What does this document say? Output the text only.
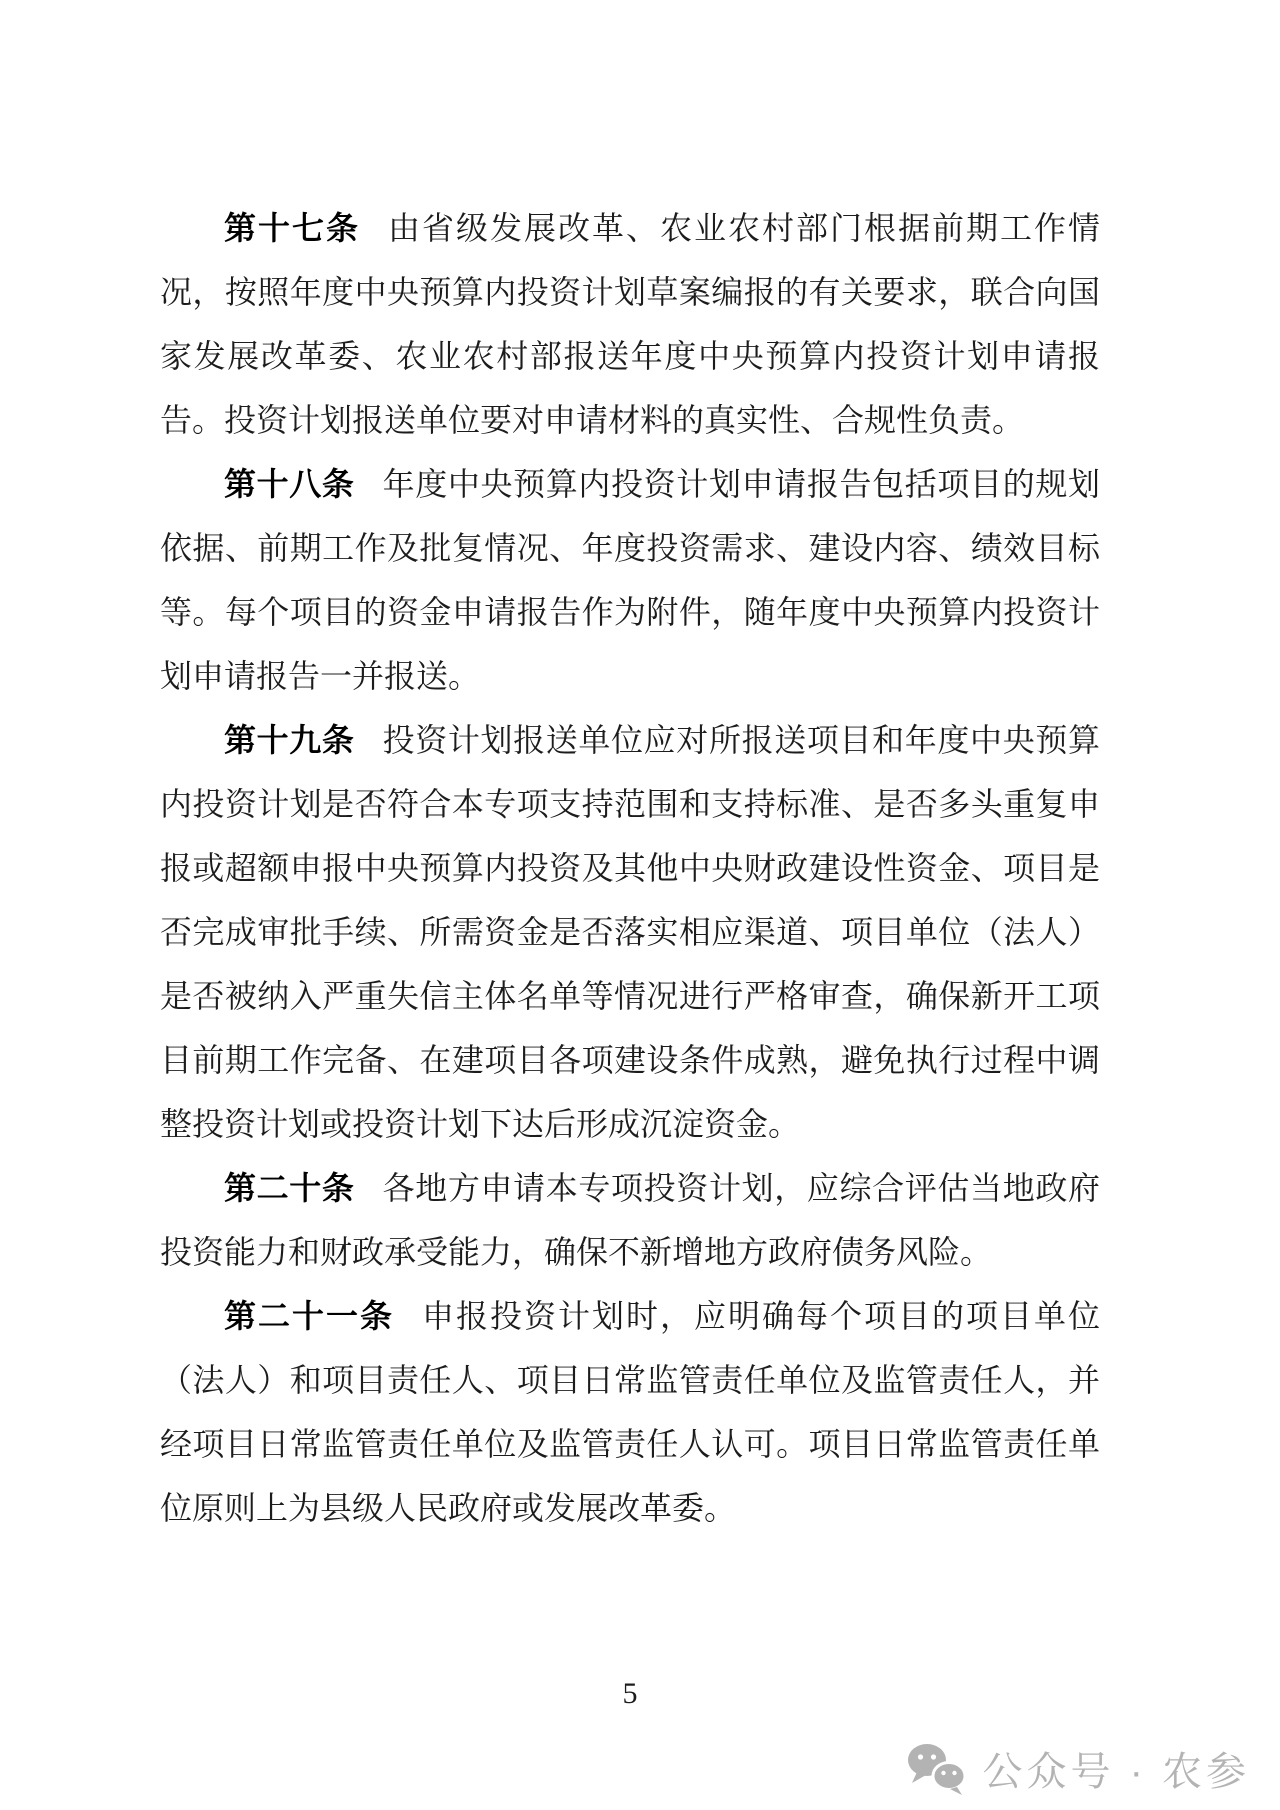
第十七条 由省级发展改革、农业农村部门根据前期工作情况，按照年度中央预算内投资计划草案编报的有关要求，联合向国家发展改革委、农业农村部报送年度中央预算内投资计划申请报告。投资计划报送单位要对申请材料的真实性、合规性负责。

第十八条 年度中央预算内投资计划申请报告包括项目的规划依据、前期工作及批复情况、年度投资需求、建设内容、绩效目标等。每个项目的资金申请报告作为附件，随年度中央预算内投资计划申请报告一并报送。

第十九条 投资计划报送单位应对所报送项目和年度中央预算内投资计划是否符合本专项支持范围和支持标准、是否多头重复申报或超额申报中央预算内投资及其他中央财政建设性资金、项目是否完成审批手续、所需资金是否落实相应渠道、项目单位（法人）是否被纳入严重失信主体名单等情况进行严格审查，确保新开工项目前期工作完备、在建项目各项建设条件成熟，避免执行过程中调整投资计划或投资计划下达后形成沉淀资金。

第二十条 各地方申请本专项投资计划，应综合评估当地政府投资能力和财政承受能力，确保不新增地方政府债务风险。

第二十一条 申报投资计划时，应明确每个项目的项目单位（法人）和项目责任人、项目日常监管责任单位及监管责任人，并经项目日常监管责任单位及监管责任人认可。项目日常监管责任单位原则上为县级人民政府或发展改革委。

5
公众号 · 农参
